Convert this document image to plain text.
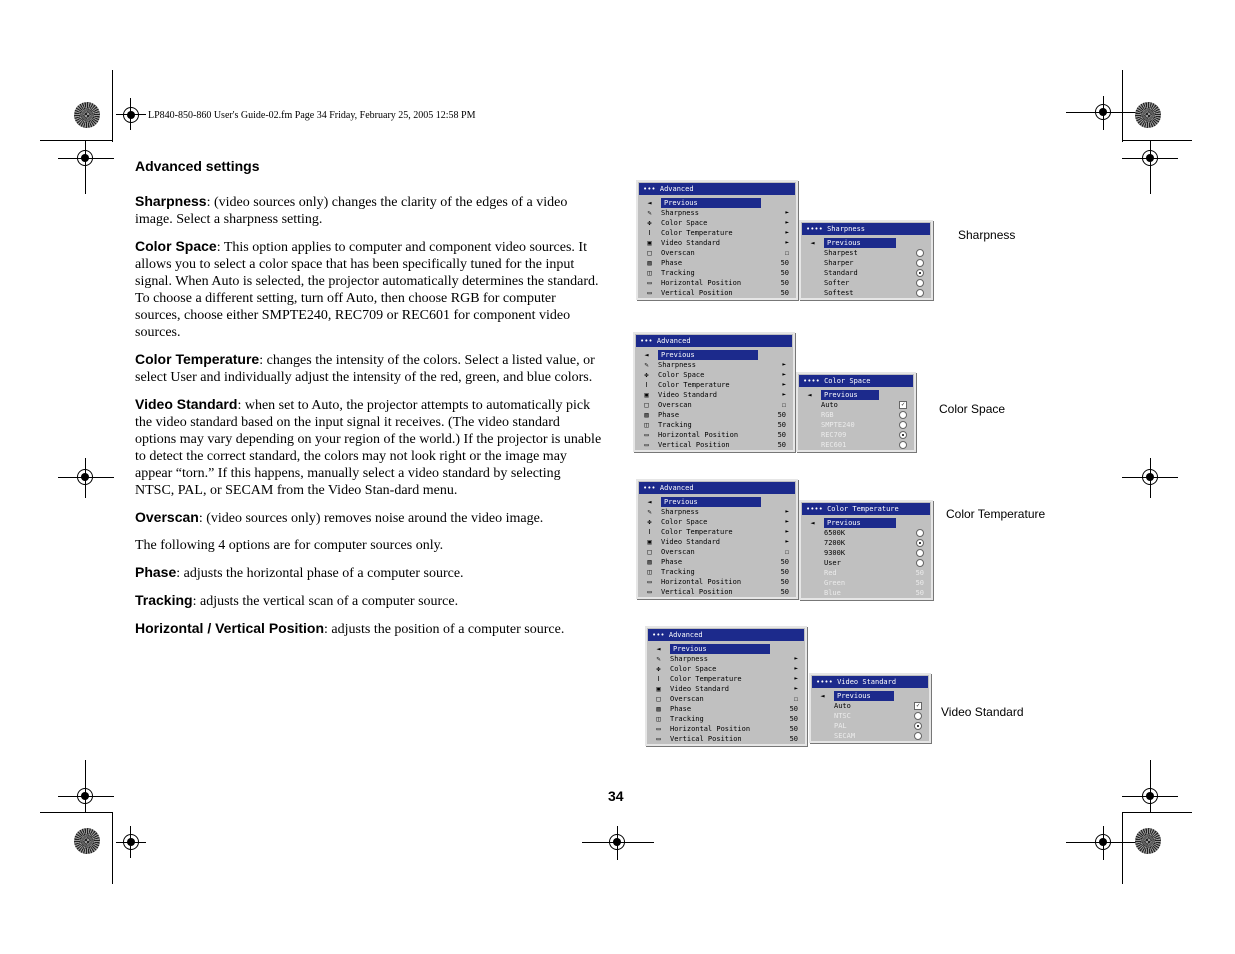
LP840-850-860 User's Guide-02.fm Page 34 Friday, February 25, 2005 12:58 PM
Advanced settings

Sharpness: (video sources only) changes the clarity of the edges of a video image. Select a sharpness setting.

Color Space: This option applies to computer and component video sources. It allows you to select a color space that has been specifically tuned for the input signal. When Auto is selected, the projector automatically determines the standard. To choose a different setting, turn off Auto, then choose RGB for computer sources, choose either SMPTE240, REC709 or REC601 for component video sources.

Color Temperature: changes the intensity of the colors. Select a listed value, or select User and individually adjust the intensity of the red, green, and blue colors.

Video Standard: when set to Auto, the projector attempts to automatically pick the video standard based on the input signal it receives. (The video standard options may vary depending on your region of the world.) If the projector is unable to detect the correct standard, the colors may not look right or the image may appear “torn.” If this happens, manually select a video standard by selecting NTSC, PAL, or SECAM from the Video Stan-dard menu.

Overscan: (video sources only) removes noise around the video image.

The following 4 options are for computer sources only.

Phase: adjusts the horizontal phase of a computer source.

Tracking: adjusts the vertical scan of a computer source.

Horizontal / Vertical Position: adjusts the position of a computer source.

••• Advanced
◄	Previous
✎	Sharpness	►
✤	Color Space	►
ǀ	Color Temperature	►
▣	Video Standard	►
□	Overscan	☐
▨	Phase	50
◫	Tracking	50
▭	Horizontal Position	50
▭	Vertical Position	50
•••• Sharpness
◄	Previous
Sharpest
Sharper
Standard
Softer
Softest
Sharpness
••• Advanced
◄	Previous
✎	Sharpness	►
✤	Color Space	►
ǀ	Color Temperature	►
▣	Video Standard	►
□	Overscan	☐
▨	Phase	50
◫	Tracking	50
▭	Horizontal Position	50
▭	Vertical Position	50
•••• Color Space
◄	Previous
Auto	✓
RGB
SMPTE240
REC709
REC601
Color Space
••• Advanced
◄	Previous
✎	Sharpness	►
✤	Color Space	►
ǀ	Color Temperature	►
▣	Video Standard	►
□	Overscan	☐
▨	Phase	50
◫	Tracking	50
▭	Horizontal Position	50
▭	Vertical Position	50
•••• Color Temperature
◄	Previous
6500K
7200K
9300K
User
Red	50
Green	50
Blue	50
Color Temperature
••• Advanced
◄	Previous
✎	Sharpness	►
✤	Color Space	►
ǀ	Color Temperature	►
▣	Video Standard	►
□	Overscan	☐
▨	Phase	50
◫	Tracking	50
▭	Horizontal Position	50
▭	Vertical Position	50
•••• Video Standard
◄	Previous
Auto	✓
NTSC
PAL
SECAM
Video Standard
34
